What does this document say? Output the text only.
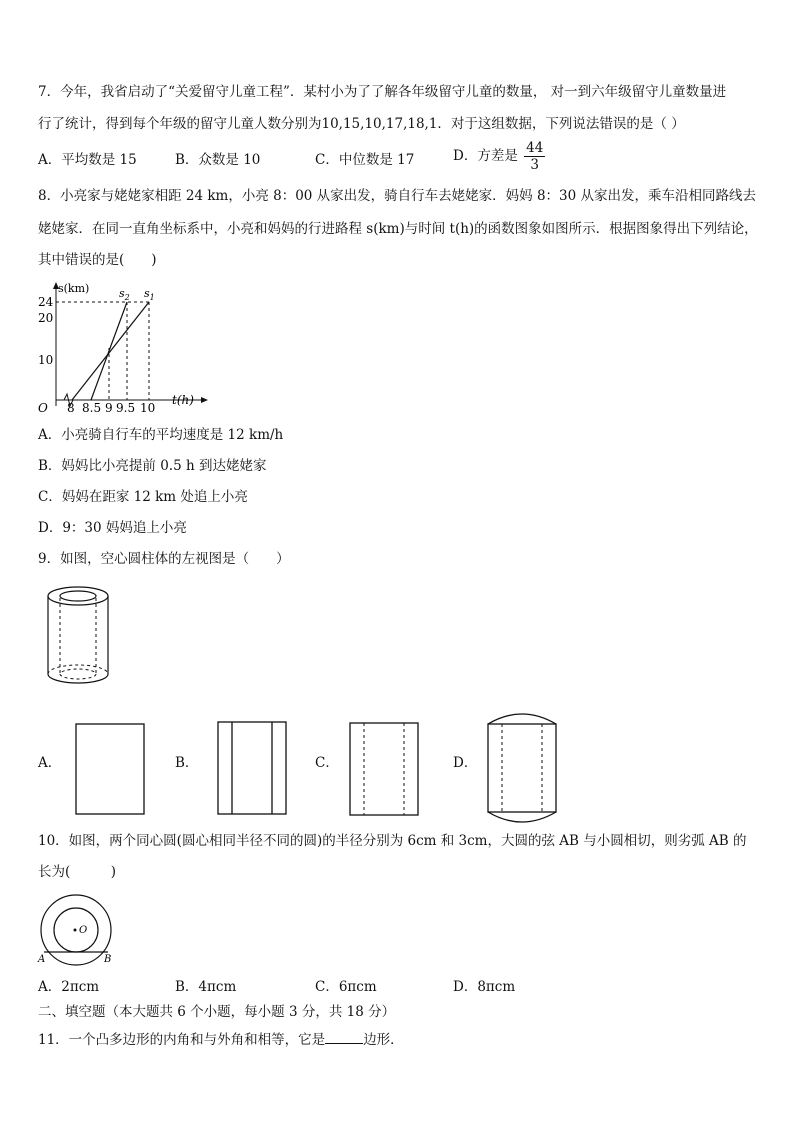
7．今年，我省启动了“关爱留守儿童工程”．某村小为了了解各年级留守儿童的数量， 对一到六年级留守儿童数量进
行了统计，得到每个年级的留守儿童人数分别为10,15,10,17,18,1．对于这组数据，下列说法错误的是（ ）
A．平均数是 15	B．众数是 10	C．中位数是 17	D．方差是 $\frac{44}{3}$
8．小亮家与姥姥家相距 24 km，小亮 8：00 从家出发，骑自行车去姥姥家．妈妈 8：30 从家出发，乘车沿相同路线去
姥姥家．在同一直角坐标系中，小亮和妈妈的行进路程 s(km)与时间 t(h)的函数图象如图所示．根据图象得出下列结论，
其中错误的是(　　)
s(km)
t(h)
O
24
20
10
8 8.5 9 9.5 10
$s_2$ $s_1$
A．小亮骑自行车的平均速度是 12 km/h
B．妈妈比小亮提前 0.5 h 到达姥姥家
C．妈妈在距家 12 km 处追上小亮
D．9：30 妈妈追上小亮
9．如图，空心圆柱体的左视图是（　　）
A．	B．	C．	D．
10．如图，两个同心圆(圆心相同半径不同的圆)的半径分别为 6cm 和 3cm，大圆的弦 AB 与小圆相切，则劣弧 AB 的
长为(　　　)
O
A	B
A．2πcm	B．4πcm	C．6πcm	D．8πcm
二、填空题（本大题共 6 个小题，每小题 3 分，共 18 分）
11．一个凸多边形的内角和与外角和相等，它是	边形．
